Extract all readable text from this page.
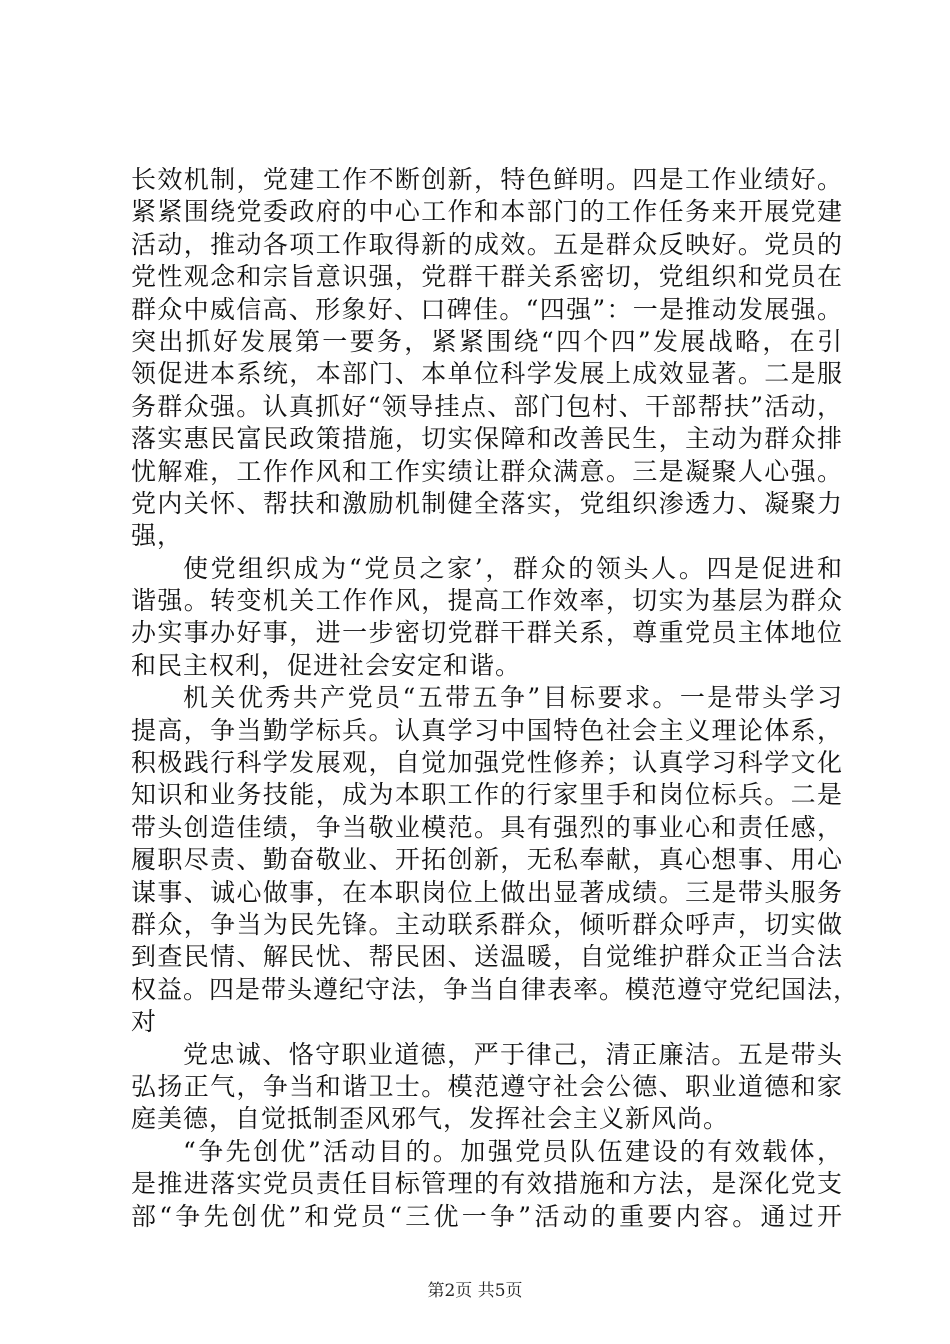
长效机制，党建工作不断创新，特色鲜明。四是工作业绩好。
紧紧围绕党委政府的中心工作和本部门的工作任务来开展党建
活动，推动各项工作取得新的成效。五是群众反映好。党员的
党性观念和宗旨意识强，党群干群关系密切，党组织和党员在
群众中威信高、形象好、口碑佳。“四强”：一是推动发展强。
突出抓好发展第一要务，紧紧围绕“四个四”发展战略，在引
领促进本系统，本部门、本单位科学发展上成效显著。二是服
务群众强。认真抓好“领导挂点、部门包村、干部帮扶”活动，
落实惠民富民政策措施，切实保障和改善民生，主动为群众排
忧解难，工作作风和工作实绩让群众满意。三是凝聚人心强。
党内关怀、帮扶和激励机制健全落实，党组织渗透力、凝聚力
强，
使党组织成为“党员之家’，群众的领头人。四是促进和
谐强。转变机关工作作风，提高工作效率，切实为基层为群众
办实事办好事，进一步密切党群干群关系，尊重党员主体地位
和民主权利，促进社会安定和谐。
机关优秀共产党员“五带五争”目标要求。一是带头学习
提高，争当勤学标兵。认真学习中国特色社会主义理论体系，
积极践行科学发展观，自觉加强党性修养；认真学习科学文化
知识和业务技能，成为本职工作的行家里手和岗位标兵。二是
带头创造佳绩，争当敬业模范。具有强烈的事业心和责任感，
履职尽责、勤奋敬业、开拓创新，无私奉献，真心想事、用心
谋事、诚心做事，在本职岗位上做出显著成绩。三是带头服务
群众，争当为民先锋。主动联系群众，倾听群众呼声，切实做
到查民情、解民忧、帮民困、送温暖，自觉维护群众正当合法
权益。四是带头遵纪守法，争当自律表率。模范遵守党纪国法，
对
党忠诚、恪守职业道德，严于律己，清正廉洁。五是带头
弘扬正气，争当和谐卫士。模范遵守社会公德、职业道德和家
庭美德，自觉抵制歪风邪气，发挥社会主义新风尚。
“争先创优”活动目的。加强党员队伍建设的有效载体，
是推进落实党员责任目标管理的有效措施和方法，是深化党支
部“争先创优”和党员“三优一争”活动的重要内容。通过开
第2页 共5页
